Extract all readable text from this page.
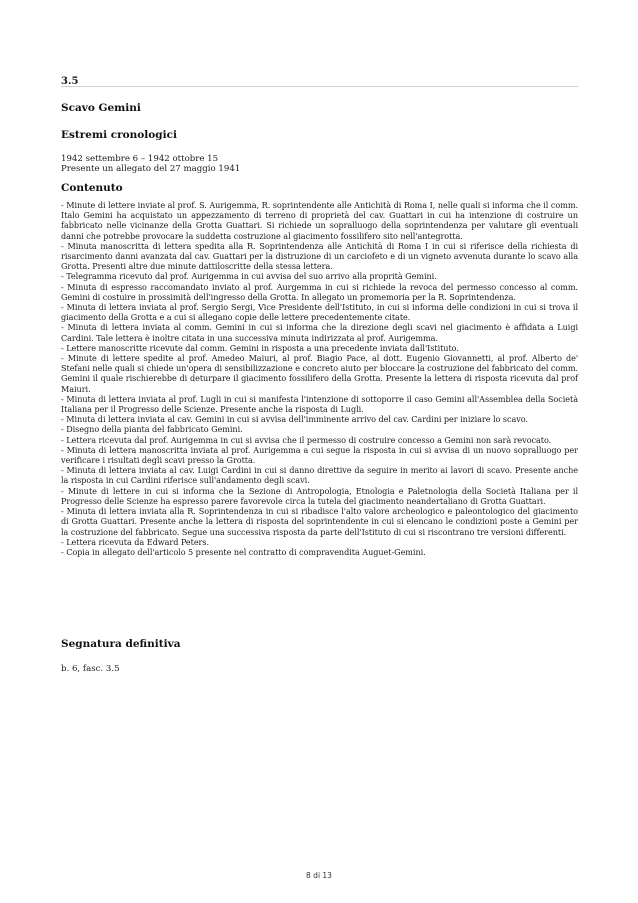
3.5
Scavo Gemini
Estremi cronologici
1942 settembre 6 – 1942 ottobre 15
Presente un allegato del 27 maggio 1941
Contenuto

- Minute di lettere inviate al prof. S. Aurigemma, R. soprintendente alle Antichità di Roma I, nelle quali si informa che il comm. Italo Gemini ha acquistato un appezzamento di terreno di proprietà del cav. Guattari in cui ha intenzione di costruire un fabbricato nelle vicinanze della Grotta Guattari. Si richiede un sopralluogo della soprintendenza per valutare gli eventuali danni che potrebbe provocare la suddetta costruzione al giacimento fossilifero sito nell'antegrotta.

- Minuta manoscritta di lettera spedita alla R. Soprintendenza alle Antichità di Roma I in cui si riferisce della richiesta di risarcimento danni avanzata dal cav. Guattari per la distruzione di un carciofeto e di un vigneto avvenuta durante lo scavo alla Grotta. Presenti altre due minute dattiloscritte della stessa lettera.

- Telegramma ricevuto dal prof. Aurigemma in cui avvisa del suo arrivo alla proprità Gemini.

- Minuta di espresso raccomandato inviato al prof. Aurgemma in cui si richiede la revoca del permesso concesso al comm. Gemini di costuire in prossimità dell'ingresso della Grotta. In allegato un promemoria per la R. Soprintendenza.

- Minuta di lettera inviata al prof. Sergio Sergi, Vice Presidente dell'Istituto, in cui si informa delle condizioni in cui si trova il giacimento della Grotta e a cui si allegano copie delle lettere precedentemente citate.

- Minuta di lettera inviata al comm. Gemini in cui si informa che la direzione degli scavi nel giacimento è affidata a Luigi Cardini. Tale lettera è inoltre citata in una successiva minuta indirizzata al prof. Aurigemma.

- Lettere manoscritte ricevute dal comm. Gemini in risposta a una precedente inviata dall'Istituto.

- Minute di lettere spedite al prof. Amedeo Maiuri, al prof. Biagio Pace, al dott. Eugenio Giovannetti, al prof. Alberto de' Stefani nelle quali si chiede un'opera di sensibilizzazione e concreto aiuto per bloccare la costruzione del fabbricato del comm. Gemini il quale rischierebbe di deturpare il giacimento fossilifero della Grotta. Presente la lettera di risposta ricevuta dal prof Maiuri.

- Minuta di lettera inviata al prof. Lugli in cui si manifesta l'intenzione di sottoporre il caso Gemini all'Assemblea della Società Italiana per il Progresso delle Scienze. Presente anche la risposta di Lugli.

- Minuta di lettera inviata al cav. Gemini in cui si avvisa dell'imminente arrivo del cav. Cardini per iniziare lo scavo.

- Disegno della pianta del fabbricato Gemini.

- Lettera ricevuta dal prof. Aurigemma in cui si avvisa che il permesso di costruire concesso a Gemini non sarà revocato.

- Minuta di lettera manoscritta inviata al prof. Aurigemma a cui segue la risposta in cui si avvisa di un nuovo sopralluogo per verificare i risultati degli scavi presso la Grotta.

- Minuta di lettera inviata al cav. Luigi Cardini in cui si danno direttive da seguire in merito ai lavori di scavo. Presente anche la risposta in cui Cardini riferisce sull'andamento degli scavi.

- Minute di lettere in cui si informa che la Sezione di Antropologia, Etnologia e Paletnologia della Società Italiana per il Progresso delle Scienze ha espresso parere favorevole circa la tutela del giacimento neandertaliano di Grotta Guattari.

- Minuta di lettera inviata alla R. Soprintendenza in cui si ribadisce l'alto valore archeologico e paleontologico del giacimento di Grotta Guattari. Presente anche la lettera di risposta del soprintendente in cui si elencano le condizioni poste a Gemini per la costruzione del fabbricato. Segue una successiva risposta da parte dell'Istituto di cui si riscontrano tre versioni differenti.

- Lettera ricevuta da Edward Peters.

- Copia in allegato dell'articolo 5 presente nel contratto di compravendita Auguet-Gemini.

Segnatura definitiva
b. 6, fasc. 3.5
8 di 13
